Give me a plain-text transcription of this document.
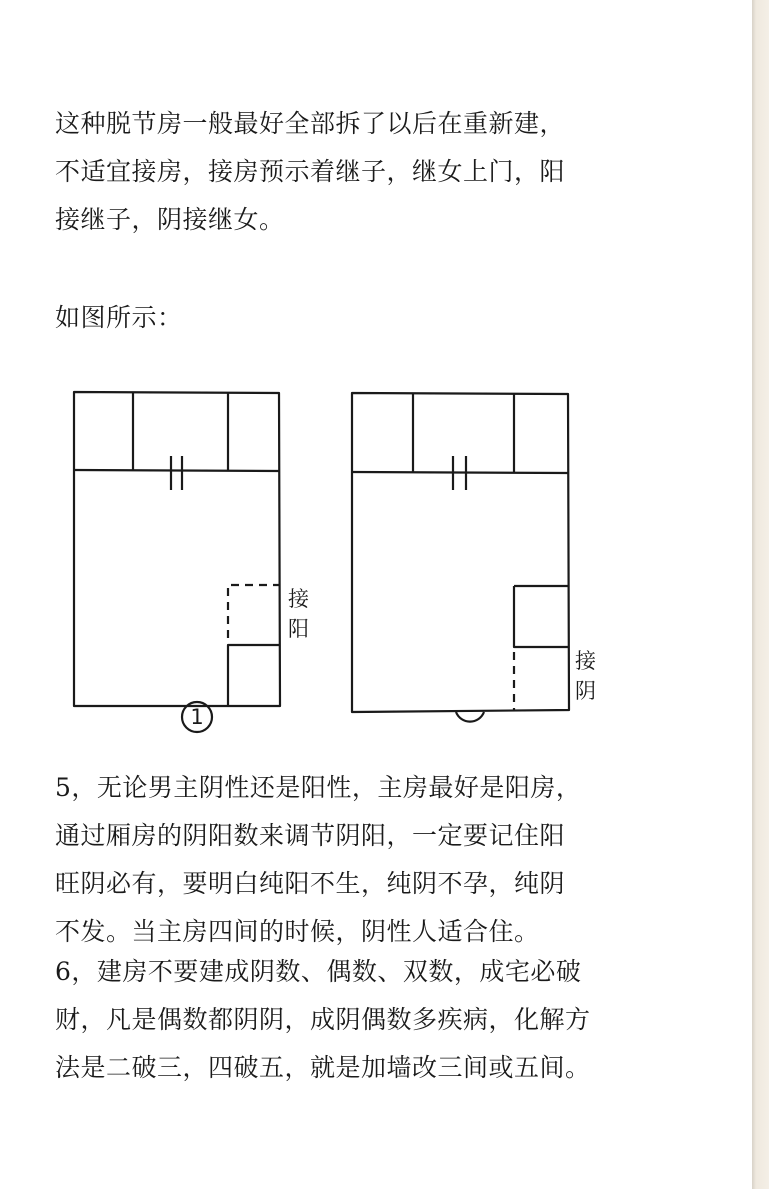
这种脱节房一般最好全部拆了以后在重新建，
不适宜接房，接房预示着继子，继女上门，阳
接继子，阴接继女。
如图所示：
1
接
阳
接
阴
5，无论男主阴性还是阳性，主房最好是阳房，
通过厢房的阴阳数来调节阴阳，一定要记住阳
旺阴必有，要明白纯阳不生，纯阴不孕，纯阴
不发。当主房四间的时候，阴性人适合住。
6，建房不要建成阴数、偶数、双数，成宅必破
财，凡是偶数都阴阴，成阴偶数多疾病，化解方
法是二破三，四破五，就是加墙改三间或五间。
